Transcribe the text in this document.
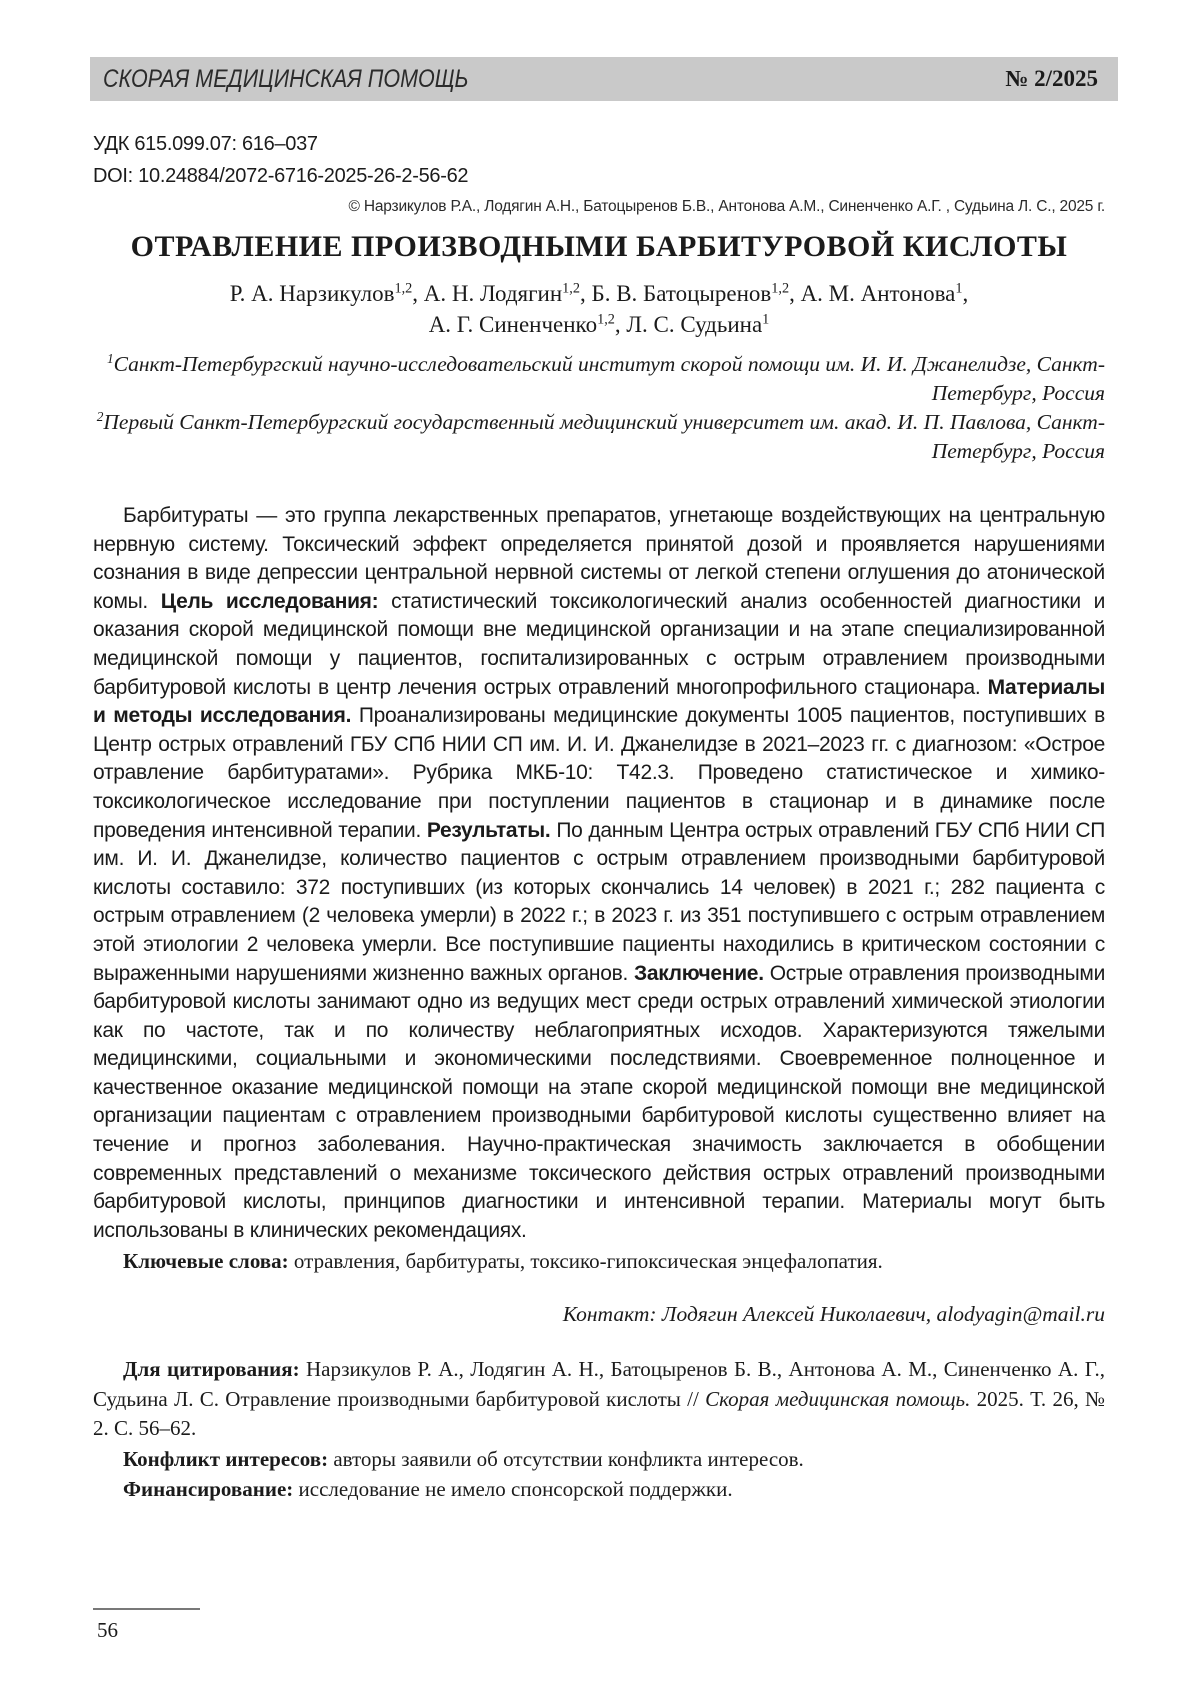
СКОРАЯ МЕДИЦИНСКАЯ ПОМОЩЬ	№ 2/2025
УДК 615.099.07: 616–037
DOI: 10.24884/2072-6716-2025-26-2-56-62
© Нарзикулов Р.А., Лодягин А.Н., Батоцыренов Б.В., Антонова А.М., Синенченко А.Г. , Судьина Л. С., 2025 г.
ОТРАВЛЕНИЕ ПРОИЗВОДНЫМИ БАРБИТУРОВОЙ КИСЛОТЫ
Р. А. Нарзикулов$^{1,2}$, А. Н. Лодягин$^{1,2}$, Б. В. Батоцыренов$^{1,2}$, А. М. Антонова$^1$,
А. Г. Синенченко$^{1,2}$, Л. С. Судьина$^1$
$^1$Санкт-Петербургский научно-исследовательский институт скорой помощи им. И. И. Джанелидзе, Санкт-Петербург, Россия
$^2$Первый Санкт-Петербургский государственный медицинский университет им. акад. И. П. Павлова, Санкт-Петербург, Россия
Барбитураты — это группа лекарственных препаратов, угнетающе воздействующих на центральную нервную систему. Токсический эффект определяется принятой дозой и проявляется нарушениями сознания в виде депрессии центральной нервной системы от легкой степени оглушения до атонической комы. Цель исследования: статистический токсикологический анализ особенностей диагностики и оказания скорой медицинской помощи вне медицинской организации и на этапе специализированной медицинской помощи у пациентов, госпитализированных с острым отравлением производными барбитуровой кислоты в центр лечения острых отравлений многопрофильного стационара. Материалы и методы исследования. Проанализированы медицинские документы 1005 пациентов, поступивших в Центр острых отравлений ГБУ СПб НИИ СП им. И. И. Джанелидзе в 2021–2023 гг. с диагнозом: «Острое отравление барбитуратами». Рубрика МКБ-10: Т42.3. Проведено статистическое и химико-токсикологическое исследование при поступлении пациентов в стационар и в динамике после проведения интенсивной терапии. Результаты. По данным Центра острых отравлений ГБУ СПб НИИ СП им. И. И. Джанелидзе, количество пациентов с острым отравлением производными барбитуровой кислоты составило: 372 поступивших (из которых скончались 14 человек) в 2021 г.; 282 пациента с острым отравлением (2 человека умерли) в 2022 г.; в 2023 г. из 351 поступившего с острым отравлением этой этиологии 2 человека умерли. Все поступившие пациенты находились в критическом состоянии с выраженными нарушениями жизненно важных органов. Заключение. Острые отравления производными барбитуровой кислоты занимают одно из ведущих мест среди острых отравлений химической этиологии как по частоте, так и по количеству неблагоприятных исходов. Характеризуются тяжелыми медицинскими, социальными и экономическими последствиями. Своевременное полноценное и качественное оказание медицинской помощи на этапе скорой медицинской помощи вне медицинской организации пациентам с отравлением производными барбитуровой кислоты существенно влияет на течение и прогноз заболевания. Научно-практическая значимость заключается в обобщении современных представлений о механизме токсического действия острых отравлений производными барбитуровой кислоты, принципов диагностики и интенсивной терапии. Материалы могут быть использованы в клинических рекомендациях.
Ключевые слова: отравления, барбитураты, токсико-гипоксическая энцефалопатия.
Контакт: Лодягин Алексей Николаевич, alodyagin@mail.ru
Для цитирования: Нарзикулов Р. А., Лодягин А. Н., Батоцыренов Б. В., Антонова А. М., Синенченко А. Г., Судьина Л. С. Отравление производными барбитуровой кислоты // Скорая медицинская помощь. 2025. Т. 26, № 2. С. 56–62.
Конфликт интересов: авторы заявили об отсутствии конфликта интересов.
Финансирование: исследование не имело спонсорской поддержки.
56
